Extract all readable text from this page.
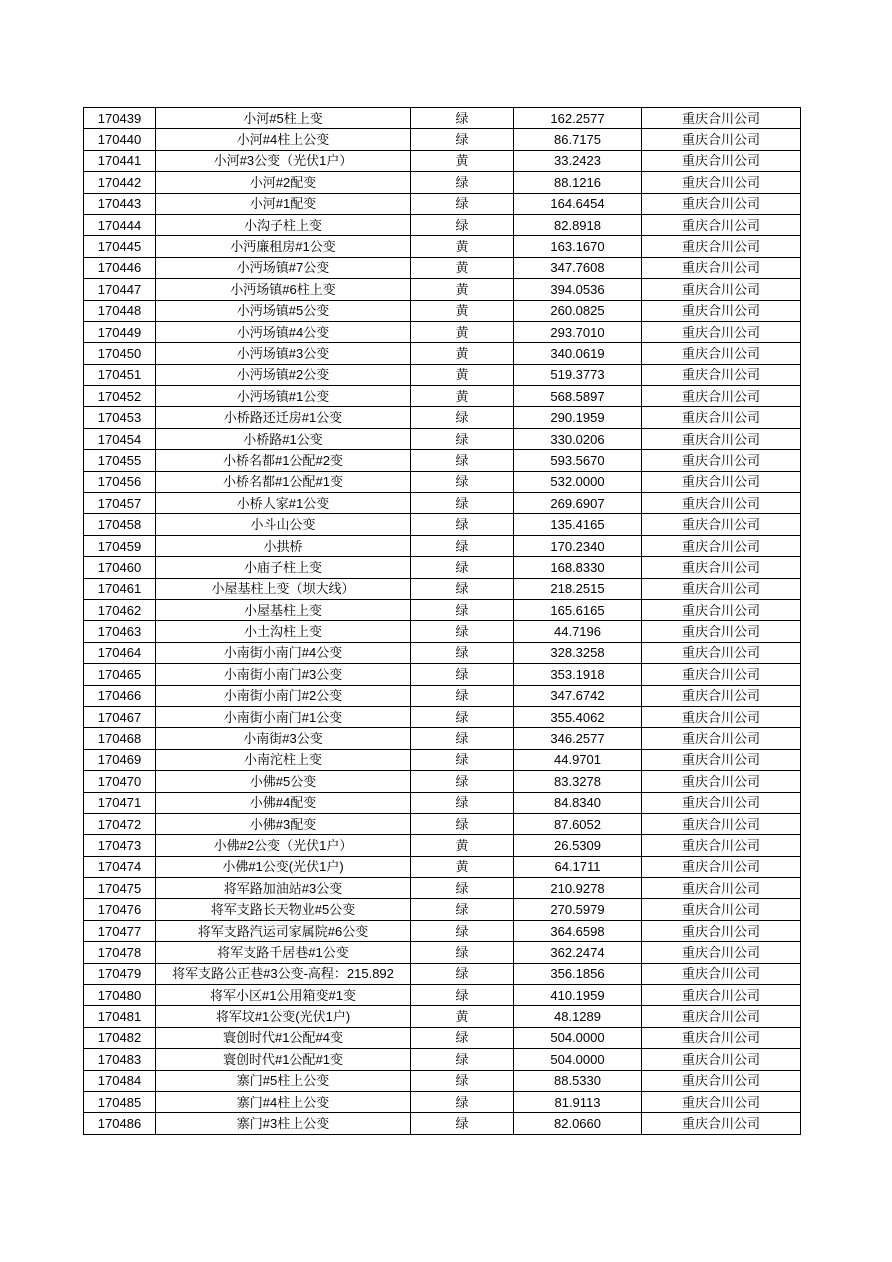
170439	小河#5柱上变	绿	162.2577	重庆合川公司
170440	小河#4柱上公变	绿	86.7175	重庆合川公司
170441	小河#3公变（光伏1户）	黄	33.2423	重庆合川公司
170442	小河#2配变	绿	88.1216	重庆合川公司
170443	小河#1配变	绿	164.6454	重庆合川公司
170444	小沟子柱上变	绿	82.8918	重庆合川公司
170445	小沔廉租房#1公变	黄	163.1670	重庆合川公司
170446	小沔场镇#7公变	黄	347.7608	重庆合川公司
170447	小沔场镇#6柱上变	黄	394.0536	重庆合川公司
170448	小沔场镇#5公变	黄	260.0825	重庆合川公司
170449	小沔场镇#4公变	黄	293.7010	重庆合川公司
170450	小沔场镇#3公变	黄	340.0619	重庆合川公司
170451	小沔场镇#2公变	黄	519.3773	重庆合川公司
170452	小沔场镇#1公变	黄	568.5897	重庆合川公司
170453	小桥路还迁房#1公变	绿	290.1959	重庆合川公司
170454	小桥路#1公变	绿	330.0206	重庆合川公司
170455	小桥名都#1公配#2变	绿	593.5670	重庆合川公司
170456	小桥名都#1公配#1变	绿	532.0000	重庆合川公司
170457	小桥人家#1公变	绿	269.6907	重庆合川公司
170458	小斗山公变	绿	135.4165	重庆合川公司
170459	小拱桥	绿	170.2340	重庆合川公司
170460	小庙子柱上变	绿	168.8330	重庆合川公司
170461	小屋基柱上变（坝大线）	绿	218.2515	重庆合川公司
170462	小屋基柱上变	绿	165.6165	重庆合川公司
170463	小土沟柱上变	绿	44.7196	重庆合川公司
170464	小南街小南门#4公变	绿	328.3258	重庆合川公司
170465	小南街小南门#3公变	绿	353.1918	重庆合川公司
170466	小南街小南门#2公变	绿	347.6742	重庆合川公司
170467	小南街小南门#1公变	绿	355.4062	重庆合川公司
170468	小南街#3公变	绿	346.2577	重庆合川公司
170469	小南沱柱上变	绿	44.9701	重庆合川公司
170470	小佛#5公变	绿	83.3278	重庆合川公司
170471	小佛#4配变	绿	84.8340	重庆合川公司
170472	小佛#3配变	绿	87.6052	重庆合川公司
170473	小佛#2公变（光伏1户）	黄	26.5309	重庆合川公司
170474	小佛#1公变(光伏1户)	黄	64.1711	重庆合川公司
170475	将军路加油站#3公变	绿	210.9278	重庆合川公司
170476	将军支路长天物业#5公变	绿	270.5979	重庆合川公司
170477	将军支路汽运司家属院#6公变	绿	364.6598	重庆合川公司
170478	将军支路千居巷#1公变	绿	362.2474	重庆合川公司
170479	将军支路公正巷#3公变-高程：215.892	绿	356.1856	重庆合川公司
170480	将军小区#1公用箱变#1变	绿	410.1959	重庆合川公司
170481	将军坟#1公变(光伏1户)	黄	48.1289	重庆合川公司
170482	寰创时代#1公配#4变	绿	504.0000	重庆合川公司
170483	寰创时代#1公配#1变	绿	504.0000	重庆合川公司
170484	寨门#5柱上公变	绿	88.5330	重庆合川公司
170485	寨门#4柱上公变	绿	81.9113	重庆合川公司
170486	寨门#3柱上公变	绿	82.0660	重庆合川公司
